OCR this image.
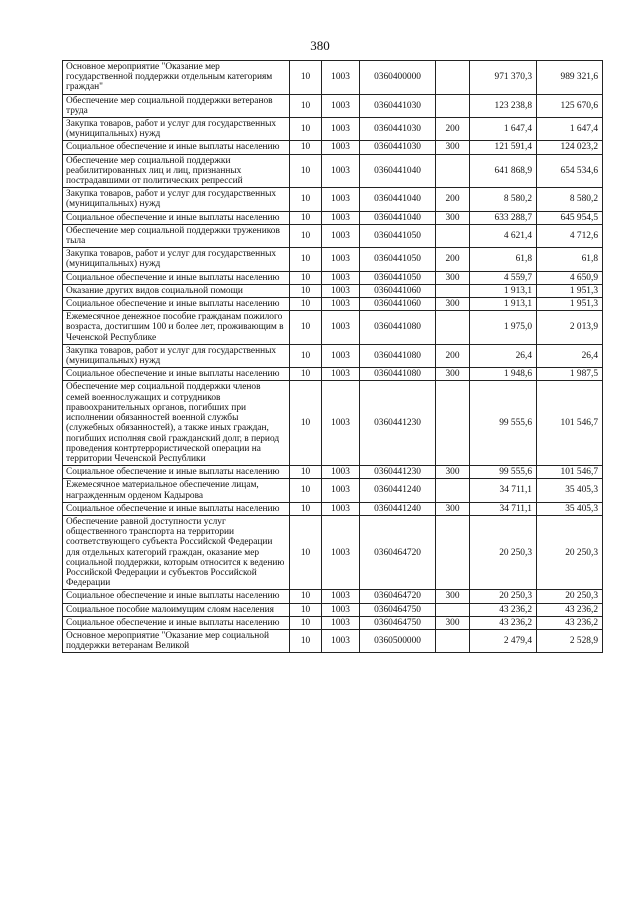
380
Основное мероприятие "Оказание мер государственной поддержки отдельным категориям граждан"	10	1003	0360400000		971 370,3	989 321,6
Обеспечение мер социальной поддержки ветеранов труда	10	1003	0360441030		123 238,8	125 670,6
Закупка товаров, работ и услуг для государственных (муниципальных) нужд	10	1003	0360441030	200	1 647,4	1 647,4
Социальное обеспечение и иные выплаты населению	10	1003	0360441030	300	121 591,4	124 023,2
Обеспечение мер социальной поддержки реабилитированных лиц и лиц, признанных пострадавшими от политических репрессий	10	1003	0360441040		641 868,9	654 534,6
Закупка товаров, работ и услуг для государственных (муниципальных) нужд	10	1003	0360441040	200	8 580,2	8 580,2
Социальное обеспечение и иные выплаты населению	10	1003	0360441040	300	633 288,7	645 954,5
Обеспечение мер социальной поддержки тружеников тыла	10	1003	0360441050		4 621,4	4 712,6
Закупка товаров, работ и услуг для государственных (муниципальных) нужд	10	1003	0360441050	200	61,8	61,8
Социальное обеспечение и иные выплаты населению	10	1003	0360441050	300	4 559,7	4 650,9
Оказание других видов социальной помощи	10	1003	0360441060		1 913,1	1 951,3
Социальное обеспечение и иные выплаты населению	10	1003	0360441060	300	1 913,1	1 951,3
Ежемесячное денежное пособие гражданам пожилого возраста, достигшим 100 и более лет, проживающим в Чеченской Республике	10	1003	0360441080		1 975,0	2 013,9
Закупка товаров, работ и услуг для государственных (муниципальных) нужд	10	1003	0360441080	200	26,4	26,4
Социальное обеспечение и иные выплаты населению	10	1003	0360441080	300	1 948,6	1 987,5
Обеспечение мер социальной поддержки членов семей военнослужащих и сотрудников правоохранительных органов, погибших при исполнении обязанностей военной службы (служебных обязанностей), а также иных граждан, погибших исполняя свой гражданский долг, в период проведения контртеррористической операции на территории Чеченской Республики	10	1003	0360441230		99 555,6	101 546,7
Социальное обеспечение и иные выплаты населению	10	1003	0360441230	300	99 555,6	101 546,7
Ежемесячное материальное обеспечение лицам, награжденным орденом Кадырова	10	1003	0360441240		34 711,1	35 405,3
Социальное обеспечение и иные выплаты населению	10	1003	0360441240	300	34 711,1	35 405,3
Обеспечение равной доступности услуг общественного транспорта на территории соответствующего субъекта Российской Федерации для отдельных категорий граждан, оказание мер социальной поддержки, которым относится к ведению Российской Федерации и субъектов Российской Федерации	10	1003	0360464720		20 250,3	20 250,3
Социальное обеспечение и иные выплаты населению	10	1003	0360464720	300	20 250,3	20 250,3
Социальное пособие малоимущим слоям населения	10	1003	0360464750		43 236,2	43 236,2
Социальное обеспечение и иные выплаты населению	10	1003	0360464750	300	43 236,2	43 236,2
Основное мероприятие "Оказание мер социальной поддержки ветеранам Великой	10	1003	0360500000		2 479,4	2 528,9
